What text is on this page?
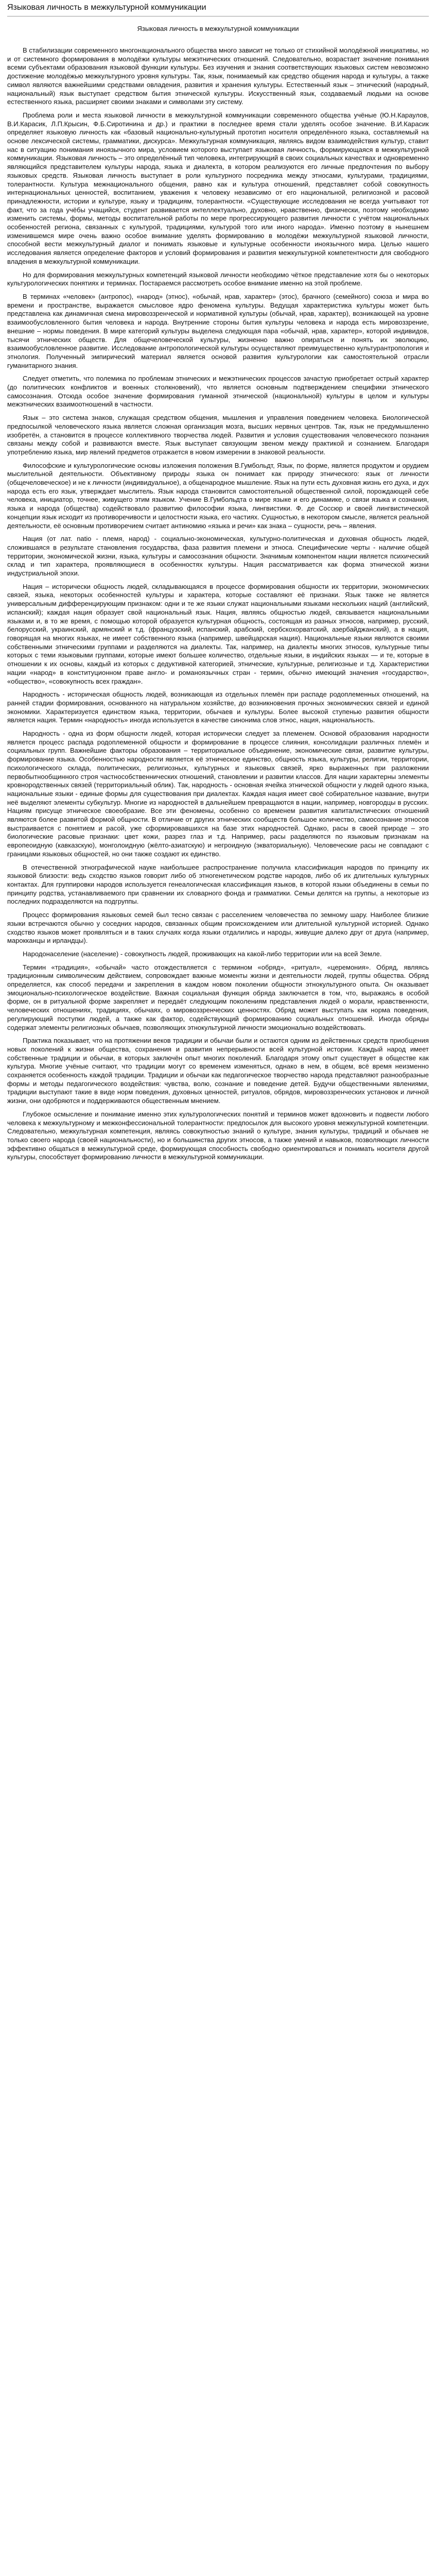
Языковая личность в межкультурной коммуникации
Языковая личность в межкультурной коммуникации

В стабилизации современного многонационального общества много зависит не только от стихийной молодёжной инициативы, но и от системного формирования в молодёжи культуры межэтнических отношений. Следовательно, возрастает значение понимания всеми субъектами образования языковой функции культуры. Без изучения и знания соответствующих языковых систем невозможно достижение молодёжью межкультурного уровня культуры. Так, язык, понимаемый как средство общения народа и культуры, а также символ являются важнейшими средствами овладения, развития и хранения культуры. Естественный язык – этнический (народный, национальный) язык выступает средством бытия этнической культуры. Искусственный язык, создаваемый людьми на основе естественного языка, расширяет своими знаками и символами эту систему.

Проблема роли и места языковой личности в межкультурной коммуникации современного общества учёные (Ю.Н.Караулов, В.И.Карасик, Л.П.Крысин, Ф.Б.Сиротинина и др.) и практики в последнее время стали уделять особое значение. В.И.Карасик определяет языковую личность как «базовый национально-культурный прототип носителя определённого языка, составляемый на основе лексической системы, грамматики, дискурса». Межкультурная коммуникация, являясь видом взаимодействия культур, ставит нас в ситуацию понимания иноязычного мира, условием которого выступает языковая личность, формирующаяся в межкультурной коммуникации. Языковая личность – это определённый тип человека, интегрирующий в своих социальных качествах и одновременно являющийся представителем культуры народа, языка и диалекта, в котором реализуются его личные предпочтения по выбору языковых средств. Языковая личность выступает в роли культурного посредника между этносами, культурами, традициями, толерантности. Культура межнационального общения, равно как и культура отношений, представляет собой совокупность интернациональных ценностей, воспитанием, уважения к человеку независимо от его национальной, религиозной и расовой принадлежности, истории и культуре, языку и традициям, толерантности. «Существующие исследования не всегда учитывают тот факт, что за года учёбы учащийся, студент развивается интеллектуально, духовно, нравственно, физически, поэтому необходимо изменить системы, формы, методы воспитательной работы по мере прогрессирующего развития личности с учётом национальных особенностей региона, связанных с культурой, традициями, культурой того или иного народа». Именно поэтому в нынешнем изменившемся мире очень важно особое внимание уделять формированию в молодёжи межкультурной языковой личности, способной вести межкультурный диалог и понимать языковые и культурные особенности иноязычного мира. Целью нашего исследования является определение факторов и условий формирования и развития межкультурной компетентности для свободного владения в межкультурной коммуникации.

Но для формирования межкультурных компетенций языковой личности необходимо чёткое представление хотя бы о некоторых культурологических понятиях и терминах. Постараемся рассмотреть особое внимание именно на этой проблеме.

В терминах «человек» (антропос), «народ» (этнос), «обычай, нрав, характер» (этос), брачного (семейного) союза и мира во времени и пространстве, выражается смысловое ядро феномена культуры. Ведущая характеристика культуры может быть представлена как динамичная смена мировоззренческой и нормативной культуры (обычай, нрав, характер), возникающей на уровне взаимообусловленного бытия человека и народа. Внутренние стороны бытия культуры человека и народа есть мировоззрение, внешние – нормы поведения. В мире категорий культуры выделена следующая пара «обычай, нрав, характер», которой индивидов, тысячи этнических обществ. Для общечеловеческой культуры, жизненно важно опираться и понять их эволюцию, взаимообусловленное развитие. Исследование антропологической культуры осуществляют преимущественно культурантропология и этнология. Полученный эмпирический материал является основой развития культурологии как самостоятельной отрасли гуманитарного знания.

Следует отметить, что полемика по проблемам этнических и межэтнических процессов зачастую приобретает острый характер (до политических конфликтов и военных столкновений), что является основным подтверждением специфики этнического самосознания. Отсюда особое значение формирования гуманной этнической (национальной) культуры в целом и культуры межэтнических взаимоотношений в частности.

Язык – это система знаков, служащая средством общения, мышления и управления поведением человека. Биологической предпосылкой человеческого языка является сложная организация мозга, высших нервных центров. Так, язык не предумышленно изобретён, а становится в процессе коллективного творчества людей. Развития и условия существования человеческого познания связаны между собой и развиваются вместе. Язык выступает связующим звеном между практикой и сознанием. Благодаря употреблению языка, мир явлений предметов отражается в новом измерении в знаковой реальности.

Философские и культурологические основы изложения положения В.Гумбольдт, Язык, по форме, является продуктом и орудием мыслительной деятельности. Объективному природы языка он понимает как природу этнического: язык от личности (общечеловеческое) и не к личности (индивидуальное), а общенародное мышление. Язык на пути есть духовная жизнь его духа, и дух народа есть его язык, утверждает мыслитель. Язык народа становится самостоятельной общественной силой, порождающей себе человека, инициатор, точнее, живущего этим языком. Учение В.Гумбольдта о мире языке и его динамике, о связи языка и сознания, языка и народа (общества) содействовало развитию философии языка, лингвистики. Ф. де Соссюр и своей лингвистической концепции язык исходит из противоречивости и целостности языка, его частиях. Сущностью, в некотором смысле, является реальной деятельности, её основным противоречием считает антиномию «языка и речи» как знака – сущности, речь – явления.

Нация (от лат. natio - племя, народ) - социально-экономическая, культурно-политическая и духовная общность людей, сложившаяся в результате становления государства, фаза развития племени и этноса. Специфические черты - наличие общей территории, экономической жизни, языка, культуры и самосознания общности. Значимым компонентом нации является психический склад и тип характера, проявляющиеся в особенностях культуры. Нация рассматривается как форма этнической жизни индустриальной эпохи.

Нация – исторически общность людей, складывающаяся в процессе формирования общности их территории, экономических связей, языка, некоторых особенностей культуры и характера, которые составляют её признаки. Язык также не является универсальным дифференцирующим признаком: одни и те же языки служат национальными языками нескольких наций (английский, испанский); каждая нация образует свой национальный язык. Нация, являясь общностью людей, связывается национальными языками и, в то же время, с помощью которой образуется культурная общность, состоящая из разных этносов, например, русский, белорусский, украинский, армянский и т.д. (французский, испанский, арабский, сербскохорватский, азербайджанский), а в нация, говорящая на многих языках, не имеет собственного языка (например, швейцарская нация). Национальные языки являются своими собственными этническими группами и разделяются на диалекты. Так, например, на диалекты многих этносов, культурные типы которых с теми языковыми группами, которые имеют большее количество, отдельные языки, в индийских языках — и те, которые в отношении к их основы, каждый из которых с дедуктивной категорией, этнические, культурные, религиозные и т.д. Характеристики нации «народ» в конституционном праве англо- и романоязычных стран - термин, обычно имеющий значения «государство», «общество», «совокупность всех граждан».

Народность - историческая общность людей, возникающая из отдельных племён при распаде родоплеменных отношений, на ранней стадии формирования, основанного на натуральном хозяйстве, до возникновения прочных экономических связей и единой экономики. Характеризуется единством языка, территории, обычаев и культуры. Более высокой ступенью развития общности является нация. Термин «народность» иногда используется в качестве синонима слов этнос, нация, национальность.

Народность - одна из форм общности людей, которая исторически следует за племенем. Основой образования народности является процесс распада родоплеменной общности и формирование в процессе слияния, консолидации различных племён и социальных групп. Важнейшие факторы образования – территориальное объединение, экономические связи, развитие культуры, формирование языка. Особенностью народности является её этническое единство, общность языка, культуры, религии, территории, психологического склада, политических, религиозных, культурных и языковых связей, ярко выраженных при разложении первобытнообщинного строя частнособственнических отношений, становлении и развитии классов. Для нации характерны элементы кровнородственных связей (территориальный облик). Так, народность - основная ячейка этнической общности у людей одного языка, национальные языки - единые формы для существования при диалектах. Каждая нация имеет своё собирательное название, внутри неё выделяют элементы субкультур. Многие из народностей в дальнейшем превращаются в нации, например, новгородцы в русских. Нациям присуще этническое своеобразие. Все эти феномены, особенно со временем развития капиталистических отношений являются более развитой формой общности. В отличие от других этнических сообществ большое количество, самосознание этносов выстраивается с понятием и расой, уже сформировавшихся на базе этих народностей. Однако, расы в своей природе – это биологические расовые признаки: цвет кожи, разрез глаз и т.д. Например, расы разделяются по языковым признакам на европеоидную (кавказскую), монголоидную (жёлто-азиатскую) и негроидную (экваториальную). Человеческие расы не совпадают с границами языковых общностей, но они также создают их единство.

В отечественной этнографической науке наибольшее распространение получила классификация народов по принципу их языковой близости: ведь сходство языков говорит либо об этногенетическом родстве народов, либо об их длительных культурных контактах. Для группировки народов используется генеалогическая классификация языков, в которой языки объединены в семьи по принципу родства, устанавливаемого при сравнении их словарного фонда и грамматики. Семьи делятся на группы, а некоторые из последних подразделяются на подгруппы.

Процесс формирования языковых семей был тесно связан с расселением человечества по земному шару. Наиболее близкие языки встречаются обычно у соседних народов, связанных общим происхождением или длительной культурной историей. Однако сходство языков может проявляться и в таких случаях когда языки отдалились и народы, живущие далеко друг от друга (например, марокканцы и ирландцы).

Народонаселение (население) - совокупность людей, проживающих на какой-либо территории или на всей Земле.

Термин «традиция», «обычай» часто отождествляется с термином «обряд», «ритуал», «церемония». Обряд, являясь традиционным символическим действием, сопровождает важные моменты жизни и деятельности людей, группы общества. Обряд определяется, как способ передачи и закрепления в каждом новом поколении общности этнокультурного опыта. Он оказывает эмоционально-психологическое воздействие. Важная социальная функция обряда заключается в том, что, выражаясь в особой форме, он в ритуальной форме закрепляет и передаёт следующим поколениям представления людей о морали, нравственности, человеческих отношениях, традициях, обычаях, о мировоззренческих ценностях. Обряд может выступать как норма поведения, регулирующий поступки людей, а также как фактор, содействующий формированию социальных отношений. Иногда обряды содержат элементы религиозных обычаев, позволяющих этнокультурной личности эмоционально воздействовать.

Практика показывает, что на протяжении веков традиции и обычаи были и остаются одним из действенных средств приобщения новых поколений к жизни общества, сохранения и развития непрерывности всей культурной истории. Каждый народ имеет собственные традиции и обычаи, в которых заключён опыт многих поколений. Благодаря этому опыт существует в обществе как культура. Многие учёные считают, что традиции могут со временем изменяться, однако в нем, в общем, всё время неизменно сохраняется особенность каждой традиции. Традиции и обычаи как педагогическое творчество народа представляют разнообразные формы и методы педагогического воздействия: чувства, волю, сознание и поведение детей. Будучи общественными явлениями, традиции выступают такие в виде норм поведения, духовных ценностей, ритуалов, обрядов, мировоззренческих установок и личной жизни, они одобряются и поддерживаются общественным мнением.

Глубокое осмысление и понимание именно этих культурологических понятий и терминов может вдохновить и подвести любого человека к межкультурному и межконфессиональной толерантности: предпосылок для высокого уровня межкультурной компетенции. Следовательно, межкультурная компетенция, являясь совокупностью знаний о культуре, знания культуры, традиций и обычаев не только своего народа (своей национальности), но и большинства других этносов, а также умений и навыков, позволяющих личности эффективно общаться в межкультурной среде, формирующая способность свободно ориентироваться и понимать носителя другой культуры, способствует формированию личности в межкультурной коммуникации.
